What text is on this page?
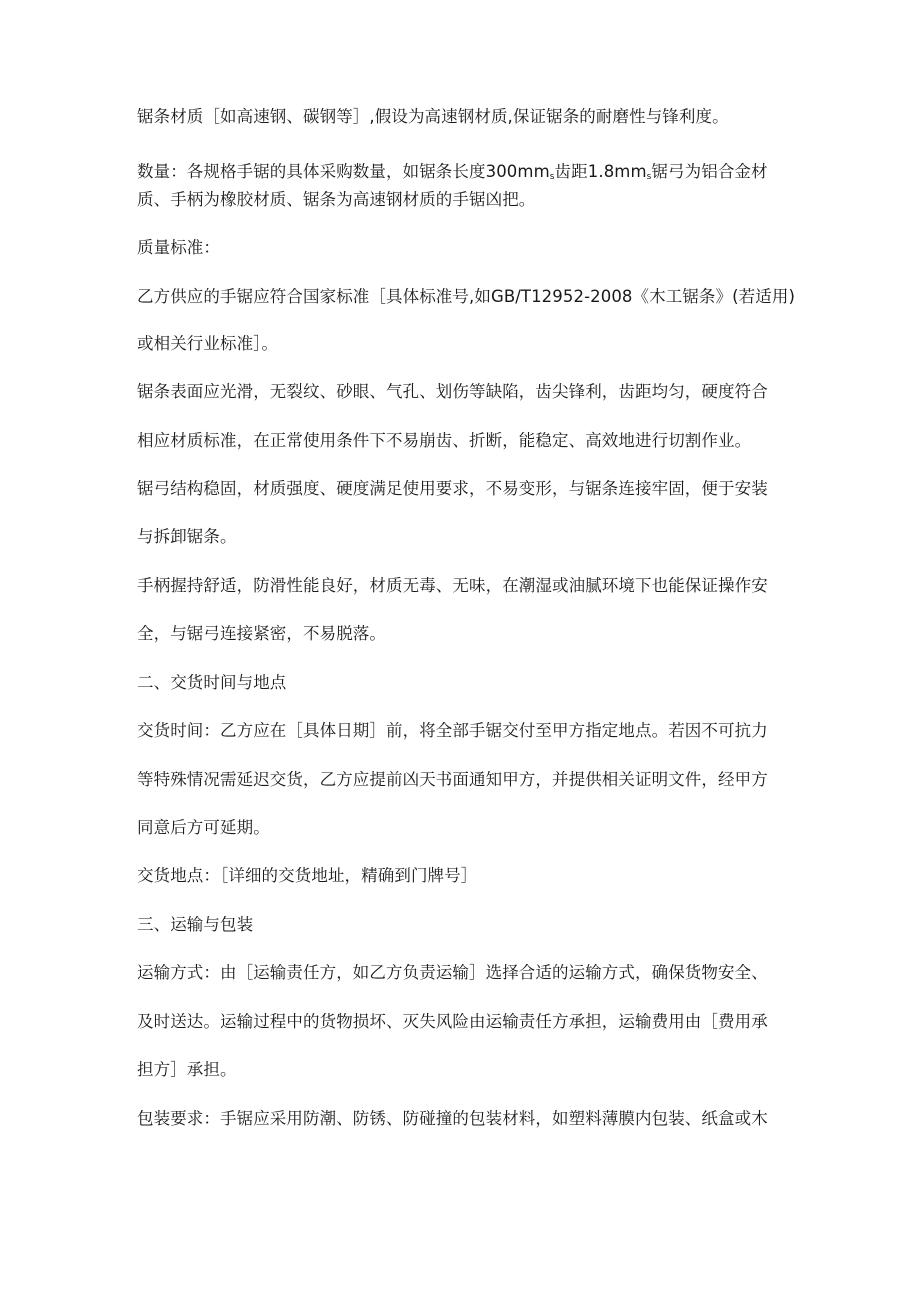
锯条材质［如高速钢、碳钢等］,假设为高速钢材质,保证锯条的耐磨性与锋利度。
数量：各规格手锯的具体采购数量，如锯条长度$300mm_s$齿距$1.8mm_s$锯弓为铝合金材
质、手柄为橡胶材质、锯条为高速钢材质的手锯凶把。
质量标准：
乙方供应的手锯应符合国家标准［具体标准号,如GB/T12952-2008《木工锯条》(若适用)
或相关行业标准］。
锯条表面应光滑，无裂纹、砂眼、气孔、划伤等缺陷，齿尖锋利，齿距均匀，硬度符合
相应材质标准，在正常使用条件下不易崩齿、折断，能稳定、高效地进行切割作业。
锯弓结构稳固，材质强度、硬度满足使用要求，不易变形，与锯条连接牢固，便于安装
与拆卸锯条。
手柄握持舒适，防滑性能良好，材质无毒、无味，在潮湿或油腻环境下也能保证操作安
全，与锯弓连接紧密，不易脱落。
二、交货时间与地点
交货时间：乙方应在［具体日期］前，将全部手锯交付至甲方指定地点。若因不可抗力
等特殊情况需延迟交货，乙方应提前凶天书面通知甲方，并提供相关证明文件，经甲方
同意后方可延期。
交货地点：［详细的交货地址，精确到门牌号］
三、运输与包装
运输方式：由［运输责任方，如乙方负责运输］选择合适的运输方式，确保货物安全、
及时送达。运输过程中的货物损坏、灭失风险由运输责任方承担，运输费用由［费用承
担方］承担。
包装要求：手锯应采用防潮、防锈、防碰撞的包装材料，如塑料薄膜内包装、纸盒或木
